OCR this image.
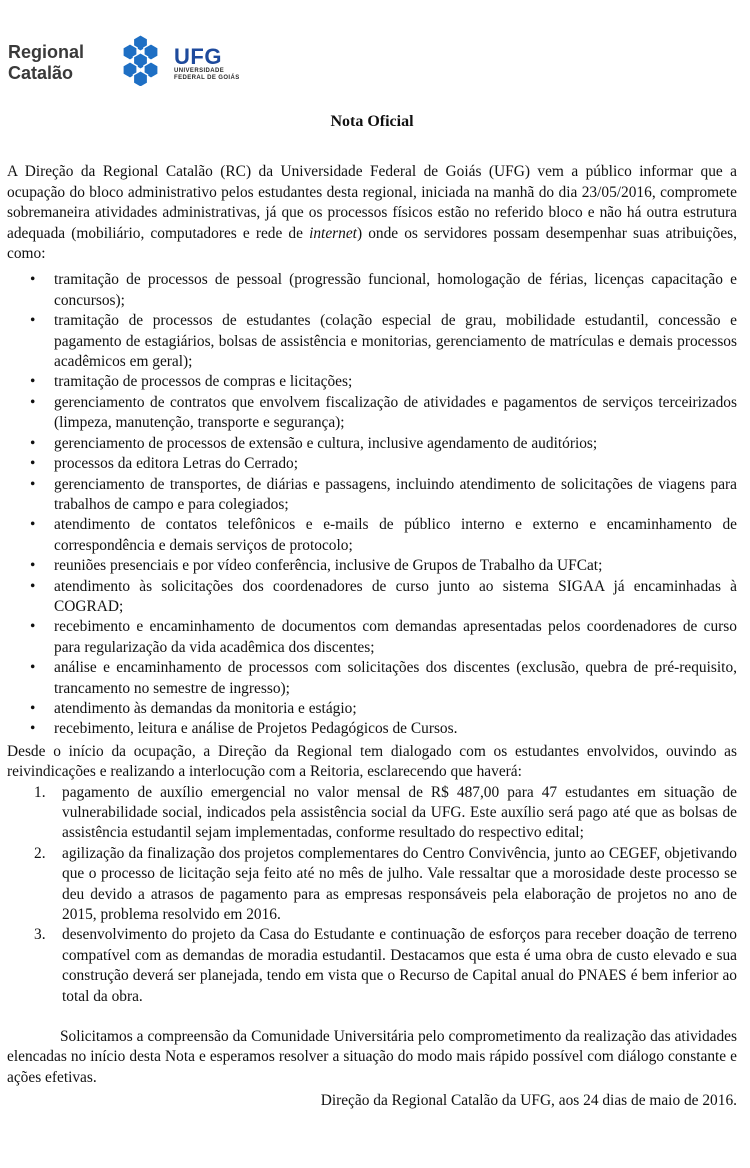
Regional
Catalão
UFG
UNIVERSIDADE
FEDERAL DE GOIÁS
Nota Oficial

A Direção da Regional Catalão (RC) da Universidade Federal de Goiás (UFG) vem a público informar que a ocupação do bloco administrativo pelos estudantes desta regional, iniciada na manhã do dia 23/05/2016, compromete sobremaneira atividades administrativas, já que os processos físicos estão no referido bloco e não há outra estrutura adequada (mobiliário, computadores e rede de internet) onde os servidores possam desempenhar suas atribuições, como:

• tramitação de processos de pessoal (progressão funcional, homologação de férias, licenças capacitação e concursos);
• tramitação de processos de estudantes (colação especial de grau, mobilidade estudantil, concessão e pagamento de estagiários, bolsas de assistência e monitorias, gerenciamento de matrículas e demais processos acadêmicos em geral);
• tramitação de processos de compras e licitações;
• gerenciamento de contratos que envolvem fiscalização de atividades e pagamentos de serviços terceirizados (limpeza, manutenção, transporte e segurança);
• gerenciamento de processos de extensão e cultura, inclusive agendamento de auditórios;
• processos da editora Letras do Cerrado;
• gerenciamento de transportes, de diárias e passagens, incluindo atendimento de solicitações de viagens para trabalhos de campo e para colegiados;
• atendimento de contatos telefônicos e e-mails de público interno e externo e encaminhamento de correspondência e demais serviços de protocolo;
• reuniões presenciais e por vídeo conferência, inclusive de Grupos de Trabalho da UFCat;
• atendimento às solicitações dos coordenadores de curso junto ao sistema SIGAA já encaminhadas à COGRAD;
• recebimento e encaminhamento de documentos com demandas apresentadas pelos coordenadores de curso para regularização da vida acadêmica dos discentes;
• análise e encaminhamento de processos com solicitações dos discentes (exclusão, quebra de pré-requisito, trancamento no semestre de ingresso);
• atendimento às demandas da monitoria e estágio;
• recebimento, leitura e análise de Projetos Pedagógicos de Cursos.

Desde o início da ocupação, a Direção da Regional tem dialogado com os estudantes envolvidos, ouvindo as reivindicações e realizando a interlocução com a Reitoria, esclarecendo que haverá:

1. pagamento de auxílio emergencial no valor mensal de R$ 487,00 para 47 estudantes em situação de vulnerabilidade social, indicados pela assistência social da UFG. Este auxílio será pago até que as bolsas de assistência estudantil sejam implementadas, conforme resultado do respectivo edital;
2. agilização da finalização dos projetos complementares do Centro Convivência, junto ao CEGEF, objetivando que o processo de licitação seja feito até no mês de julho. Vale ressaltar que a morosidade deste processo se deu devido a atrasos de pagamento para as empresas responsáveis pela elaboração de projetos no ano de 2015, problema resolvido em 2016.
3. desenvolvimento do projeto da Casa do Estudante e continuação de esforços para receber doação de terreno compatível com as demandas de moradia estudantil. Destacamos que esta é uma obra de custo elevado e sua construção deverá ser planejada, tendo em vista que o Recurso de Capital anual do PNAES é bem inferior ao total da obra.

Solicitamos a compreensão da Comunidade Universitária pelo comprometimento da realização das atividades elencadas no início desta Nota e esperamos resolver a situação do modo mais rápido possível com diálogo constante e ações efetivas.

Direção da Regional Catalão da UFG, aos 24 dias de maio de 2016.
